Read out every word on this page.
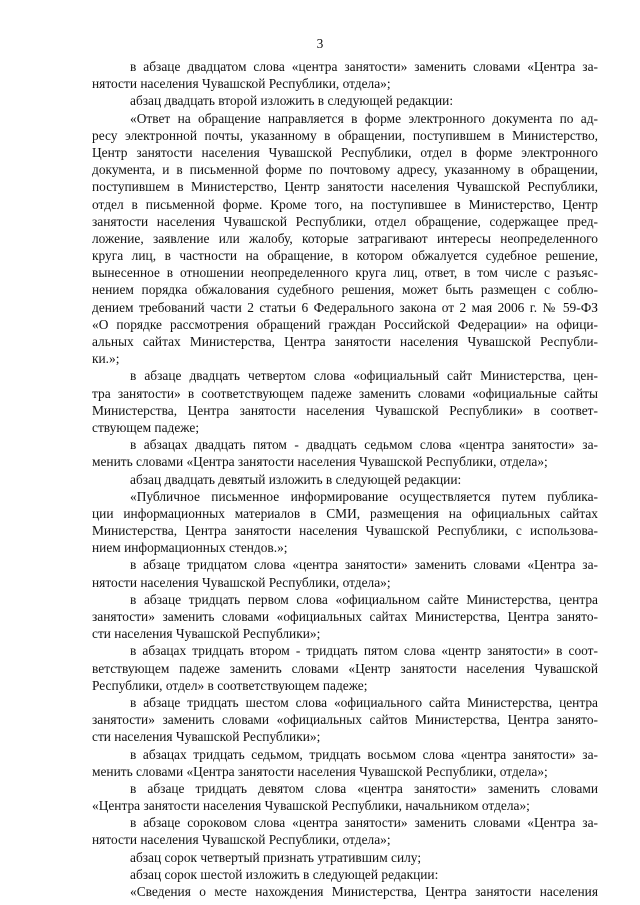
3
в абзаце двадцатом слова «центра занятости» заменить словами «Центра за-
нятости населения Чувашской Республики, отдела»;
абзац двадцать второй изложить в следующей редакции:
«Ответ на обращение направляется в форме электронного документа по ад-
ресу электронной почты, указанному в обращении, поступившем в Министерство,
Центр занятости населения Чувашской Республики, отдел в форме электронного
документа, и в письменной форме по почтовому адресу, указанному в обращении,
поступившем в Министерство, Центр занятости населения Чувашской Республики,
отдел в письменной форме. Кроме того, на поступившее в Министерство, Центр
занятости населения Чувашской Республики, отдел обращение, содержащее пред-
ложение, заявление или жалобу, которые затрагивают интересы неопределенного
круга лиц, в частности на обращение, в котором обжалуется судебное решение,
вынесенное в отношении неопределенного круга лиц, ответ, в том числе с разъяс-
нением порядка обжалования судебного решения, может быть размещен с соблю-
дением требований части 2 статьи 6 Федерального закона от 2 мая 2006 г. № 59-ФЗ
«О порядке рассмотрения обращений граждан Российской Федерации» на офици-
альных сайтах Министерства, Центра занятости населения Чувашской Республи-
ки.»;
в абзаце двадцать четвертом слова «официальный сайт Министерства, цен-
тра занятости» в соответствующем падеже заменить словами «официальные сайты
Министерства, Центра занятости населения Чувашской Республики» в соответ-
ствующем падеже;
в абзацах двадцать пятом - двадцать седьмом слова «центра занятости» за-
менить словами «Центра занятости населения Чувашской Республики, отдела»;
абзац двадцать девятый изложить в следующей редакции:
«Публичное письменное информирование осуществляется путем публика-
ции информационных материалов в СМИ, размещения на официальных сайтах
Министерства, Центра занятости населения Чувашской Республики, с использова-
нием информационных стендов.»;
в абзаце тридцатом слова «центра занятости» заменить словами «Центра за-
нятости населения Чувашской Республики, отдела»;
в абзаце тридцать первом слова «официальном сайте Министерства, центра
занятости» заменить словами «официальных сайтах Министерства, Центра занято-
сти населения Чувашской Республики»;
в абзацах тридцать втором - тридцать пятом слова «центр занятости» в соот-
ветствующем падеже заменить словами «Центр занятости населения Чувашской
Республики, отдел» в соответствующем падеже;
в абзаце тридцать шестом слова «официального сайта Министерства, центра
занятости» заменить словами «официальных сайтов Министерства, Центра занято-
сти населения Чувашской Республики»;
в абзацах тридцать седьмом, тридцать восьмом слова «центра занятости» за-
менить словами «Центра занятости населения Чувашской Республики, отдела»;
в абзаце тридцать девятом слова «центра занятости» заменить словами
«Центра занятости населения Чувашской Республики, начальником отдела»;
в абзаце сороковом слова «центра занятости» заменить словами «Центра за-
нятости населения Чувашской Республики, отдела»;
абзац сорок четвертый признать утратившим силу;
абзац сорок шестой изложить в следующей редакции:
«Сведения о месте нахождения Министерства, Центра занятости населения
